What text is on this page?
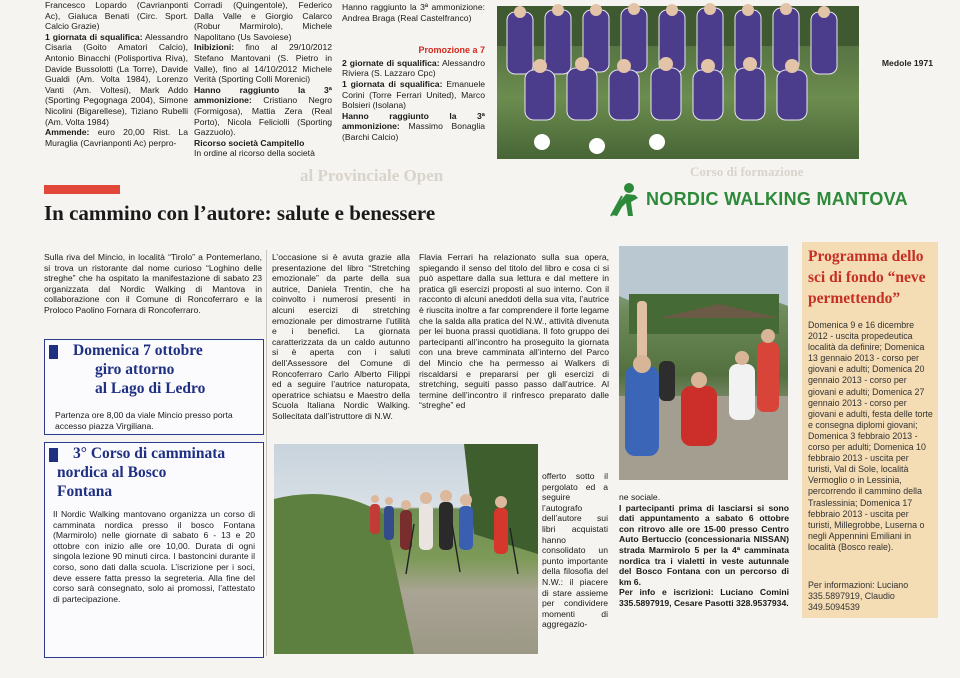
al Provinciale Open	Corso di formazione

Francesco Lopardo (Cavrianponti Ac), Gialuca Benati (Circ. Sport. Calcio Grazie)

1 giornata di squalifica: Alessandro Cisaria (Goito Amatori Calcio), Antonio Binacchi (Polisportiva Riva), Davide Bussolotti (La Torre), Davide Gualdi (Am. Volta 1984), Lorenzo Vanti (Am. Voltesi), Mark Addo (Sporting Pegognaga 2004), Simone Nicolini (Bigarellese), Tiziano Rubelli (Am. Volta 1984)

Ammende: euro 20,00 Rist. La Muraglia (Cavrianponti Ac) perpro-

Corradi (Quingentole), Federico Dalla Valle e Giorgio Calarco (Robur Marmirolo), Michele Napolitano (Us Savoiese)

Inibizioni: fino al 29/10/2012 Stefano Mantovani (S. Pietro in Valle), fino al 14/10/2012 Michele Verità (Sporting Colli Morenici)

Hanno raggiunto la 3ª ammonizione: Cristiano Negro (Formigosa), Mattia Zera (Real Porto), Nicola Feliciolli (Sporting Gazzuolo).

Ricorso società Campitello

In ordine al ricorso della società

Hanno raggiunto la 3ª ammonizione: Andrea Braga (Real Castelfranco)

Promozione a 7

2 giornate di squalifica: Alessandro Riviera (S. Lazzaro Cpc)

1 giornata di squalifica: Emanuele Corini (Torre Ferrari United), Marco Bolsieri (Isolana)

Hanno raggiunto la 3ª ammonizione: Massimo Bonaglia (Barchi Calcio)

Medole 1971
In cammino con l’autore: salute e benessere
NORDIC WALKING MANTOVA

Sulla riva del Mincio, in località “Tirolo” a Pontemerlano, si trova un ristorante dal nome curioso “Loghino delle streghe” che ha ospitato la manifestazione di sabato 23 organizzata dal Nordic Walking di Mantova in collaborazione con il Comune di Roncoferraro e la Proloco Paolino Fornara di Roncoferraro.

Domenica 7 ottobre
giro attorno
al Lago di Ledro

Partenza ore 8,00 da viale Mincio presso porta accesso piazza Virgiliana.

3° Corso di camminata
nordica al Bosco
Fontana

Il Nordic Walking mantovano organizza un corso di camminata nordica presso il bosco Fontana (Marmirolo) nelle giornate di sabato 6 - 13 e 20 ottobre con inizio alle ore 10,00. Durata di ogni singola lezione 90 minuti circa. I bastoncini durante il corso, sono dati dalla scuola. L’iscrizione per i soci, deve essere fatta presso la segreteria. Alla fine del corso sarà consegnato, solo ai promossi, l’attestato di partecipazione.

L’occasione si è avuta grazie alla presentazione del libro “Stretching emozionale” da parte della sua autrice, Daniela Trentin, che ha coinvolto i numerosi presenti in alcuni esercizi di stretching emozionale per dimostrarne l’utilità e i benefici. La giornata caratterizzata da un caldo autunno si è aperta con i saluti dell’Assessore del Comune di Roncoferraro Carlo Alberto Filippi ed a seguire l’autrice naturopata, operatrice schiatsu e Maestro della Scuola Italiana Nordic Walking. Sollecitata dall’istruttore di N.W.

Flavia Ferrari ha relazionato sulla sua opera, spiegando il senso del titolo del libro e cosa ci si può aspettare dalla sua lettura e dal mettere in pratica gli esercizi proposti al suo interno. Con il racconto di alcuni aneddoti della sua vita, l’autrice è riuscita inoltre a far comprendere il forte legame che la salda alla pratica del N.W., attività divenuta per lei buona prassi quotidiana. Il foto gruppo dei partecipanti all’incontro ha proseguito la giornata con una breve camminata all’interno del Parco del Mincio che ha permesso ai Walkers di riscaldarsi e prepararsi per gli esercizi di stretching, seguiti passo passo dall’autrice. Al termine dell’incontro il rinfresco preparato dalle “streghe” ed

offerto sotto il pergolato ed a seguire l’autografo dell’autore sui libri acquistati hanno consolidato un punto importante della filosofia del N.W.: il piacere di stare assieme per condividere momenti di aggregazio-

ne sociale.

I partecipanti prima di lasciarsi si sono dati appuntamento a sabato 6 ottobre con ritrovo alle ore 15-00 presso Centro Auto Bertuccio (concessionaria NISSAN) strada Marmirolo 5 per la 4ª camminata nordica tra i vialetti in veste autunnale del Bosco Fontana con un percorso di km 6.

Per info e iscrizioni: Luciano Comini 335.5897919, Cesare Pasotti 328.9537934.

Programma dello
sci di fondo “neve
permettendo”

Domenica 9 e 16 dicembre 2012 - uscita propedeutica località da definire; Domenica 13 gennaio 2013 - corso per giovani e adulti; Domenica 20 gennaio 2013 - corso per giovani e adulti; Domenica 27 gennaio 2013 - corso per giovani e adulti, festa delle torte e consegna diplomi giovani; Domenica 3 febbraio 2013 - corso per adulti; Domenica 10 febbraio 2013 - uscita per turisti, Val di Sole, località Vermoglio o in Lessinia, percorrendo il cammino della Traslessinia; Domenica 17 febbraio 2013 - uscita per turisti, Millegrobbe, Luserna o negli Appennini Emiliani in località (Bosco reale).

Per informazioni: Luciano 335.5897919, Claudio 349.5094539
